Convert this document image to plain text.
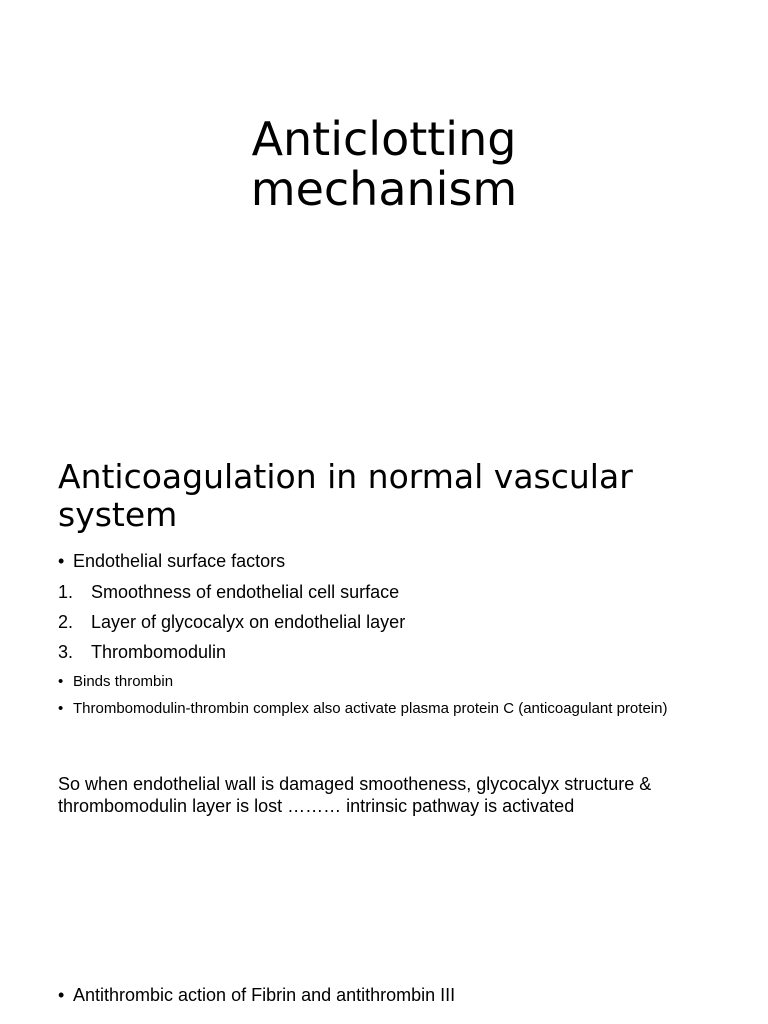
Anticlotting
mechanism
Anticoagulation in normal vascular system
• Endothelial surface factors
1. Smoothness of endothelial cell surface
2. Layer of glycocalyx on endothelial layer
3. Thrombomodulin
• Binds thrombin
• Thrombomodulin-thrombin complex also activate plasma protein C (anticoagulant protein)
So when endothelial wall is damaged smootheness, glycocalyx structure & thrombomodulin layer is lost ……… intrinsic pathway is activated
• Antithrombic action of Fibrin and antithrombin III
